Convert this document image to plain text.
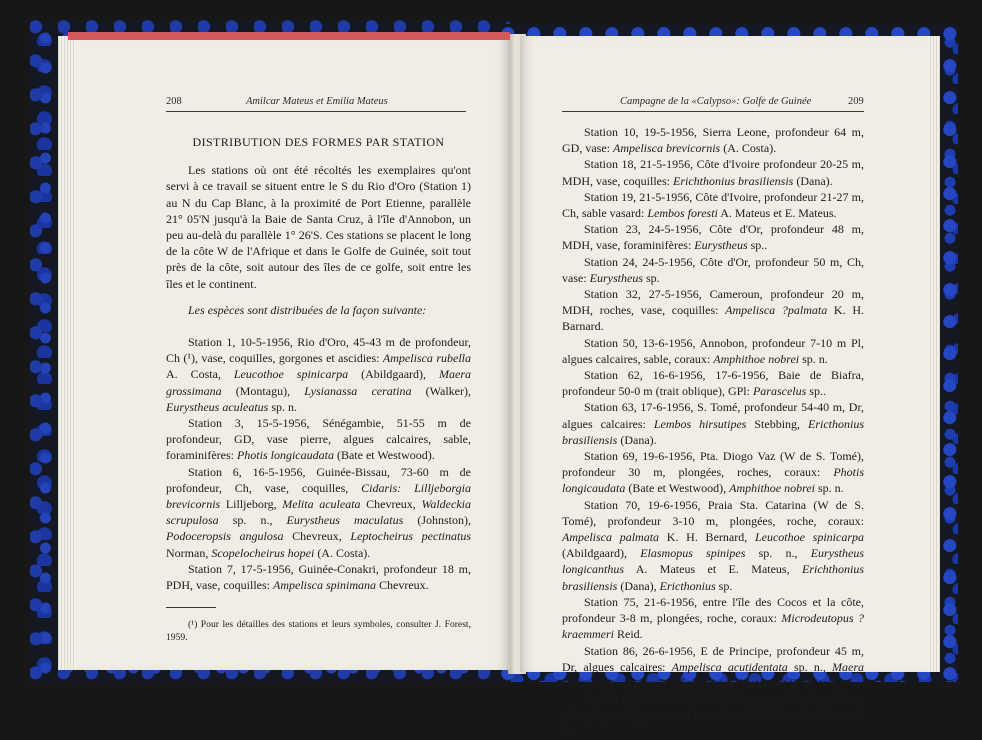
208	Amilcar Mateus et Emilia Mateus

DISTRIBUTION DES FORMES PAR STATION

Les stations où ont été récoltés les exemplaires qu'ont servi à ce travail se situent entre le S du Rio d'Oro (Station 1) au N du Cap Blanc, à la proximité de Port Etienne, parallèle 21° 05'N jusqu'à la Baie de Santa Cruz, à l'île d'Annobon, un peu au-delà du parallèle 1° 26'S. Ces stations se placent le long de la côte W de l'Afrique et dans le Golfe de Guinée, soit tout près de la côte, soit autour des îles de ce golfe, soit entre les îles et le continent.

Les espèces sont distribuées de la façon suivante:

Station 1, 10-5-1956, Rio d'Oro, 45-43 m de profondeur, Ch (¹), vase, coquilles, gorgones et ascidies: Ampelisca rubella A. Costa, Leucothoe spinicarpa (Abildgaard), Maera grossimana (Montagu), Lysianassa ceratina (Walker), Eurystheus aculeatus sp. n.

Station 3, 15-5-1956, Sénégambie, 51-55 m de profondeur, GD, vase pierre, algues calcaires, sable, foraminifères: Photis longicaudata (Bate et Westwood).

Station 6, 16-5-1956, Guinée-Bissau, 73-60 m de profondeur, Ch, vase, coquilles, Cidaris: Lilljeborgia brevicornis Lilljeborg, Melita aculeata Chevreux, Waldeckia scrupulosa sp. n., Eurystheus maculatus (Johnston), Podoceropsis angulosa Chevreux, Leptocheirus pectinatus Norman, Scopelocheirus hopei (A. Costa).

Station 7, 17-5-1956, Guinée-Conakri, profondeur 18 m, PDH, vase, coquilles: Ampelisca spinimana Chevreux.

(¹) Pour les détailles des stations et leurs symboles, consulter J. Forest, 1959.

Campagne de la «Calypso»: Golfe de Guinée	209

Station 10, 19-5-1956, Sierra Leone, profondeur 64 m, GD, vase: Ampelisca brevicornis (A. Costa).

Station 18, 21-5-1956, Côte d'Ivoire profondeur 20-25 m, MDH, vase, coquilles: Erichthonius brasiliensis (Dana).

Station 19, 21-5-1956, Côte d'Ivoire, profondeur 21-27 m, Ch, sable vasard: Lembos foresti A. Mateus et E. Mateus.

Station 23, 24-5-1956, Côte d'Or, profondeur 48 m, MDH, vase, foraminifères: Eurystheus sp..

Station 24, 24-5-1956, Côte d'Or, profondeur 50 m, Ch, vase: Eurystheus sp.

Station 32, 27-5-1956, Cameroun, profondeur 20 m, MDH, roches, vase, coquilles: Ampelisca ?palmata K. H. Barnard.

Station 50, 13-6-1956, Annobon, profondeur 7-10 m Pl, algues calcaires, sable, coraux: Amphithoe nobrei sp. n.

Station 62, 16-6-1956, 17-6-1956, Baie de Biafra, profondeur 50-0 m (trait oblique), GPl: Parascelus sp..

Station 63, 17-6-1956, S. Tomé, profondeur 54-40 m, Dr, algues calcaires: Lembos hirsutipes Stebbing, Ericthonius brasiliensis (Dana).

Station 69, 19-6-1956, Pta. Diogo Vaz (W de S. Tomé), profondeur 30 m, plongées, roches, coraux: Photis longicaudata (Bate et Westwood), Amphithoe nobrei sp. n.

Station 70, 19-6-1956, Praia Sta. Catarina (W de S. Tomé), profondeur 3-10 m, plongées, roche, coraux: Ampelisca palmata K. H. Bernard, Leucothoe spinicarpa (Abildgaard), Elasmopus spinipes sp. n., Eurystheus longicanthus A. Mateus et E. Mateus, Erichthonius brasiliensis (Dana), Ericthonius sp.

Station 75, 21-6-1956, entre l'île des Cocos et la côte, profondeur 3-8 m, plongées, roche, coraux: Microdeutopus ?kraemmeri Reid.

Station 86, 26-6-1956, E de Principe, profondeur 45 m, Dr, algues calcaires: Ampelisca acutidentata sp. n., Maera excavata sp. n., Lembos barbatus A. Mateus et E. Mateus.

Station 88, 26-6-1956, N ilôt Caroço, profondeur 2-8 m, plongées, roche, coraux: Leucothoe denticulata A. Mateus et E.
